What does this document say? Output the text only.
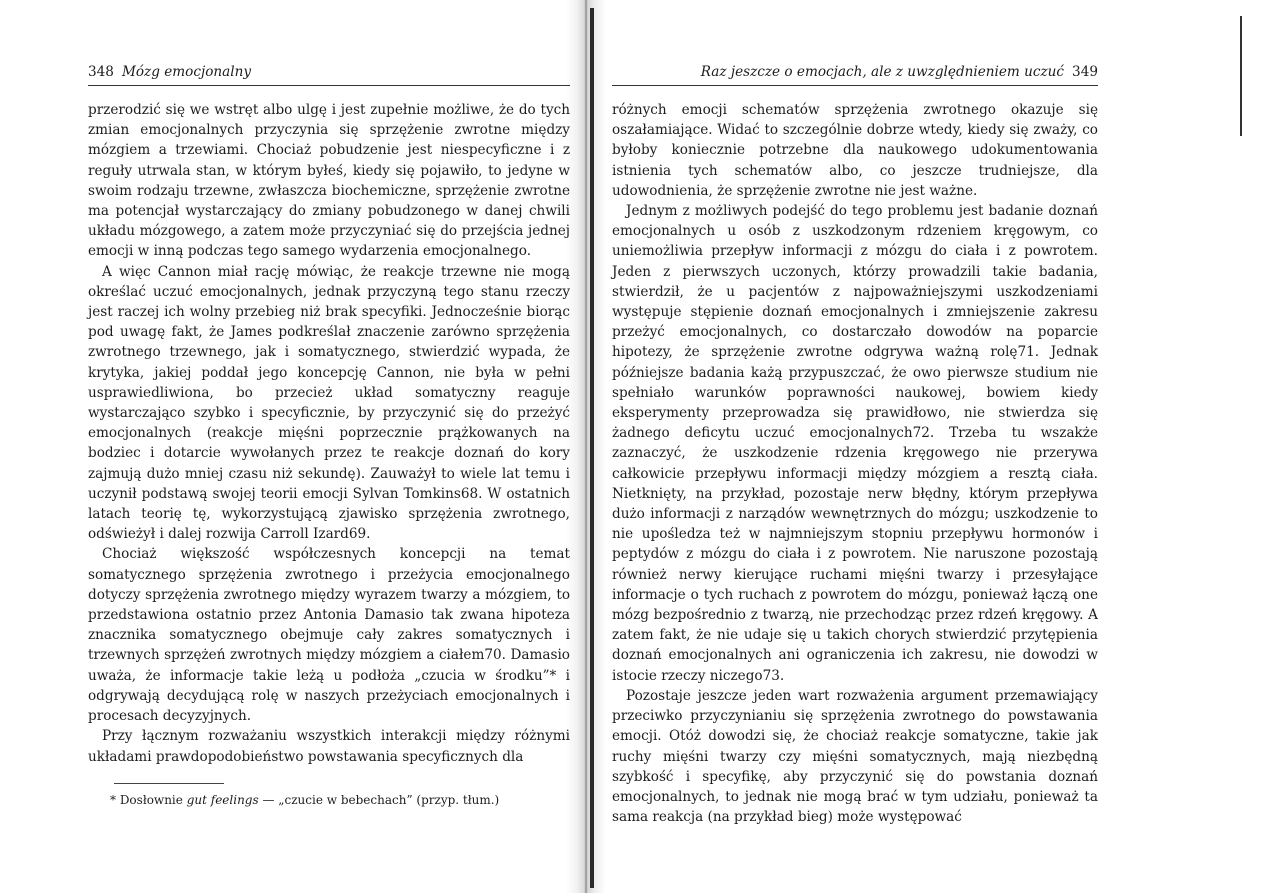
348 Mózg emocjonalny

przerodzić się we wstręt albo ulgę i jest zupełnie możliwe, że do tych zmian emocjonalnych przyczynia się sprzężenie zwrotne między mózgiem a trzewiami. Chociaż pobudzenie jest niespecyficzne i z reguły utrwala stan, w którym byłeś, kiedy się pojawiło, to jedyne w swoim rodzaju trzewne, zwłaszcza biochemiczne, sprzężenie zwrotne ma potencjał wystarczający do zmiany pobudzonego w danej chwili układu mózgowego, a zatem może przyczyniać się do przejścia jednej emocji w inną podczas tego samego wydarzenia emocjonalnego.

A więc Cannon miał rację mówiąc, że reakcje trzewne nie mogą określać uczuć emocjonalnych, jednak przyczyną tego stanu rzeczy jest raczej ich wolny przebieg niż brak specyfiki. Jednocześnie biorąc pod uwagę fakt, że James podkreślał znaczenie zarówno sprzężenia zwrotnego trzewnego, jak i somatycznego, stwierdzić wypada, że krytyka, jakiej poddał jego koncepcję Cannon, nie była w pełni usprawiedliwiona, bo przecież układ somatyczny reaguje wystarczająco szybko i specyficznie, by przyczynić się do przeżyć emocjonalnych (reakcje mięśni poprzecznie prążkowanych na bodziec i dotarcie wywołanych przez te reakcje doznań do kory zajmują dużo mniej czasu niż sekundę). Zauważył to wiele lat temu i uczynił podstawą swojej teorii emocji Sylvan Tomkins68. W ostatnich latach teorię tę, wykorzystującą zjawisko sprzężenia zwrotnego, odświeżył i dalej rozwija Carroll Izard69.

Chociaż większość współczesnych koncepcji na temat somatycznego sprzężenia zwrotnego i przeżycia emocjonalnego dotyczy sprzężenia zwrotnego między wyrazem twarzy a mózgiem, to przedstawiona ostatnio przez Antonia Damasio tak zwana hipoteza znacznika somatycznego obejmuje cały zakres somatycznych i trzewnych sprzężeń zwrotnych między mózgiem a ciałem70. Damasio uważa, że informacje takie leżą u podłoża „czucia w środku”* i odgrywają decydującą rolę w naszych przeżyciach emocjonalnych i procesach decyzyjnych.

Przy łącznym rozważaniu wszystkich interakcji między różnymi układami prawdopodobieństwo powstawania specyficznych dla

* Dosłownie gut feelings — „czucie w bebechach” (przyp. tłum.)
Raz jeszcze o emocjach, ale z uwzględnieniem uczuć 349

różnych emocji schematów sprzężenia zwrotnego okazuje się oszałamiające. Widać to szczególnie dobrze wtedy, kiedy się zważy, co byłoby koniecznie potrzebne dla naukowego udokumentowania istnienia tych schematów albo, co jeszcze trudniejsze, dla udowodnienia, że sprzężenie zwrotne nie jest ważne.

Jednym z możliwych podejść do tego problemu jest badanie doznań emocjonalnych u osób z uszkodzonym rdzeniem kręgowym, co uniemożliwia przepływ informacji z mózgu do ciała i z powrotem. Jeden z pierwszych uczonych, którzy prowadzili takie badania, stwierdził, że u pacjentów z najpoważniejszymi uszkodzeniami występuje stępienie doznań emocjonalnych i zmniejszenie zakresu przeżyć emocjonalnych, co dostarczało dowodów na poparcie hipotezy, że sprzężenie zwrotne odgrywa ważną rolę71. Jednak późniejsze badania każą przypuszczać, że owo pierwsze studium nie spełniało warunków poprawności naukowej, bowiem kiedy eksperymenty przeprowadza się prawidłowo, nie stwierdza się żadnego deficytu uczuć emocjonalnych72. Trzeba tu wszakże zaznaczyć, że uszkodzenie rdzenia kręgowego nie przerywa całkowicie przepływu informacji między mózgiem a resztą ciała. Nietknięty, na przykład, pozostaje nerw błędny, którym przepływa dużo informacji z narządów wewnętrznych do mózgu; uszkodzenie to nie upośledza też w najmniejszym stopniu przepływu hormonów i peptydów z mózgu do ciała i z powrotem. Nie naruszone pozostają również nerwy kierujące ruchami mięśni twarzy i przesyłające informacje o tych ruchach z powrotem do mózgu, ponieważ łączą one mózg bezpośrednio z twarzą, nie przechodząc przez rdzeń kręgowy. A zatem fakt, że nie udaje się u takich chorych stwierdzić przytępienia doznań emocjonalnych ani ograniczenia ich zakresu, nie dowodzi w istocie rzeczy niczego73.

Pozostaje jeszcze jeden wart rozważenia argument przemawiający przeciwko przyczynianiu się sprzężenia zwrotnego do powstawania emocji. Otóż dowodzi się, że chociaż reakcje somatyczne, takie jak ruchy mięśni twarzy czy mięśni somatycznych, mają niezbędną szybkość i specyfikę, aby przyczynić się do powstania doznań emocjonalnych, to jednak nie mogą brać w tym udziału, ponieważ ta sama reakcja (na przykład bieg) może występować
